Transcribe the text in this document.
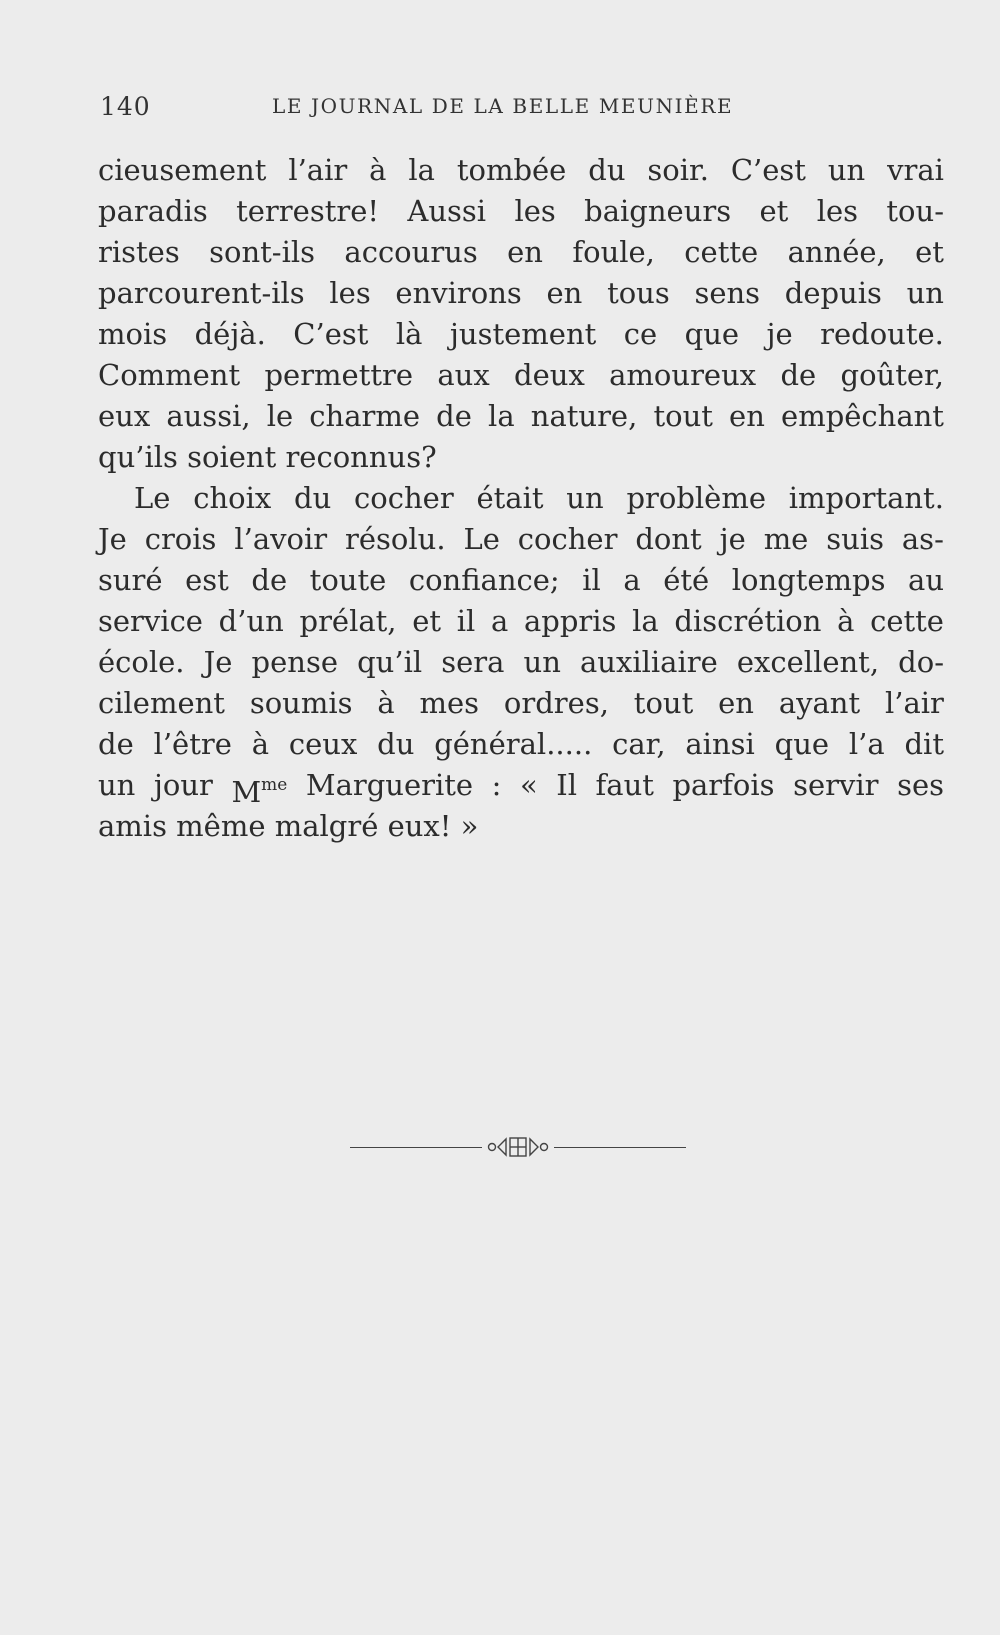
140	LE JOURNAL DE LA BELLE MEUNIÈRE
cieusement l’air à la tombée du soir. C’est un vrai
paradis terrestre! Aussi les baigneurs et les tou-
ristes sont-ils accourus en foule, cette année, et
parcourent-ils les environs en tous sens depuis un
mois déjà. C’est là justement ce que je redoute.
Comment permettre aux deux amoureux de goûter,
eux aussi, le charme de la nature, tout en empêchant
qu’ils soient reconnus?
Le choix du cocher était un problème important.
Je crois l’avoir résolu. Le cocher dont je me suis as-
suré est de toute confiance; il a été longtemps au
service d’un prélat, et il a appris la discrétion à cette
école. Je pense qu’il sera un auxiliaire excellent, do-
cilement soumis à mes ordres, tout en ayant l’air
de l’être à ceux du général..... car, ainsi que l’a dit
un jour $M^{me}$ Marguerite : « Il faut parfois servir ses
amis même malgré eux! »
